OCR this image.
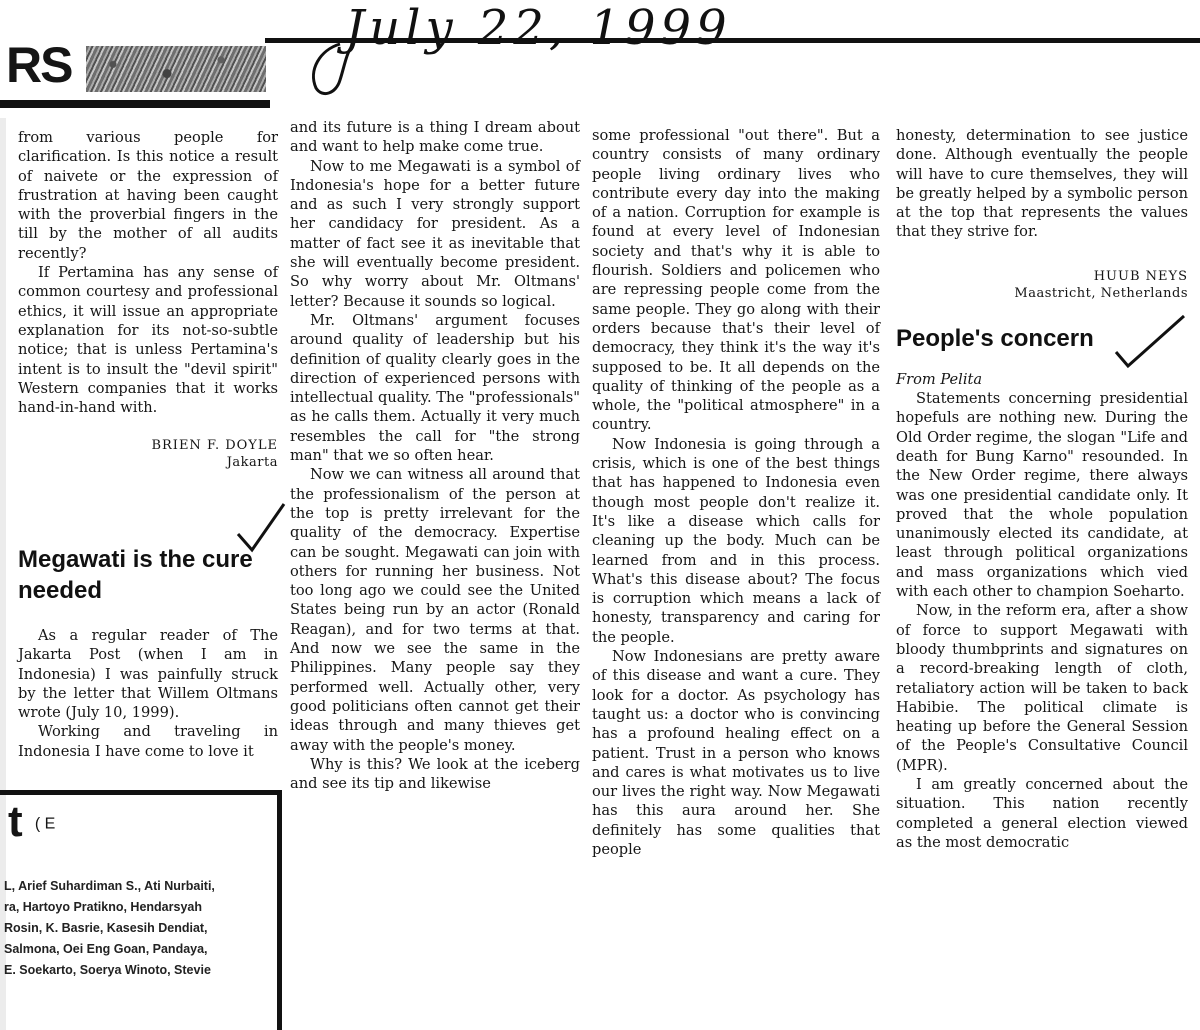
RS
July 22, 1999

from various people for clarification. Is this notice a result of naivete or the expression of frustration at having been caught with the proverbial fingers in the till by the mother of all audits recently?

If Pertamina has any sense of common courtesy and professional ethics, it will issue an appropriate explanation for its not-so-subtle notice; that is unless Pertamina's intent is to insult the "devil spirit" Western companies that it works hand-in-hand with.

BRIEN F. DOYLE

Jakarta

Megawati is the cure needed

As a regular reader of The Jakarta Post (when I am in Indonesia) I was painfully struck by the letter that Willem Oltmans wrote (July 10, 1999).

Working and traveling in Indonesia I have come to love it

t ( E
L, Arief Suhardiman S., Ati Nurbaiti,
ra, Hartoyo Pratikno, Hendarsyah
Rosin, K. Basrie, Kasesih Dendiat,
Salmona, Oei Eng Goan, Pandaya,
E. Soekarto, Soerya Winoto, Stevie

and its future is a thing I dream about and want to help make come true.

Now to me Megawati is a symbol of Indonesia's hope for a better future and as such I very strongly support her candidacy for president. As a matter of fact see it as inevitable that she will eventually become president. So why worry about Mr. Oltmans' letter? Because it sounds so logical.

Mr. Oltmans' argument focuses around quality of leadership but his definition of quality clearly goes in the direction of experienced persons with intellectual quality. The "professionals" as he calls them. Actually it very much resembles the call for "the strong man" that we so often hear.

Now we can witness all around that the professionalism of the person at the top is pretty irrelevant for the quality of the democracy. Expertise can be sought. Megawati can join with others for running her business. Not too long ago we could see the United States being run by an actor (Ronald Reagan), and for two terms at that. And now we see the same in the Philippines. Many people say they performed well. Actually other, very good politicians often cannot get their ideas through and many thieves get away with the people's money.

Why is this? We look at the iceberg and see its tip and likewise

some professional "out there". But a country consists of many ordinary people living ordinary lives who contribute every day into the making of a nation. Corruption for example is found at every level of Indonesian society and that's why it is able to flourish. Soldiers and policemen who are repressing people come from the same people. They go along with their orders because that's their level of democracy, they think it's the way it's supposed to be. It all depends on the quality of thinking of the people as a whole, the "political atmosphere" in a country.

Now Indonesia is going through a crisis, which is one of the best things that has happened to Indonesia even though most people don't realize it. It's like a disease which calls for cleaning up the body. Much can be learned from and in this process. What's this disease about? The focus is corruption which means a lack of honesty, transparency and caring for the people.

Now Indonesians are pretty aware of this disease and want a cure. They look for a doctor. As psychology has taught us: a doctor who is convincing has a profound healing effect on a patient. Trust in a person who knows and cares is what motivates us to live our lives the right way. Now Megawati has this aura around her. She definitely has some qualities that people

honesty, determination to see justice done. Although eventually the people will have to cure themselves, they will be greatly helped by a symbolic person at the top that represents the values that they strive for.

HUUB NEYS

Maastricht, Netherlands

People's concern

From Pelita

Statements concerning presidential hopefuls are nothing new. During the Old Order regime, the slogan "Life and death for Bung Karno" resounded. In the New Order regime, there always was one presidential candidate only. It proved that the whole population unanimously elected its candidate, at least through political organizations and mass organizations which vied with each other to champion Soeharto.

Now, in the reform era, after a show of force to support Megawati with bloody thumbprints and signatures on a record-breaking length of cloth, retaliatory action will be taken to back Habibie. The political climate is heating up before the General Session of the People's Consultative Council (MPR).

I am greatly concerned about the situation. This nation recently completed a general election viewed as the most democratic
